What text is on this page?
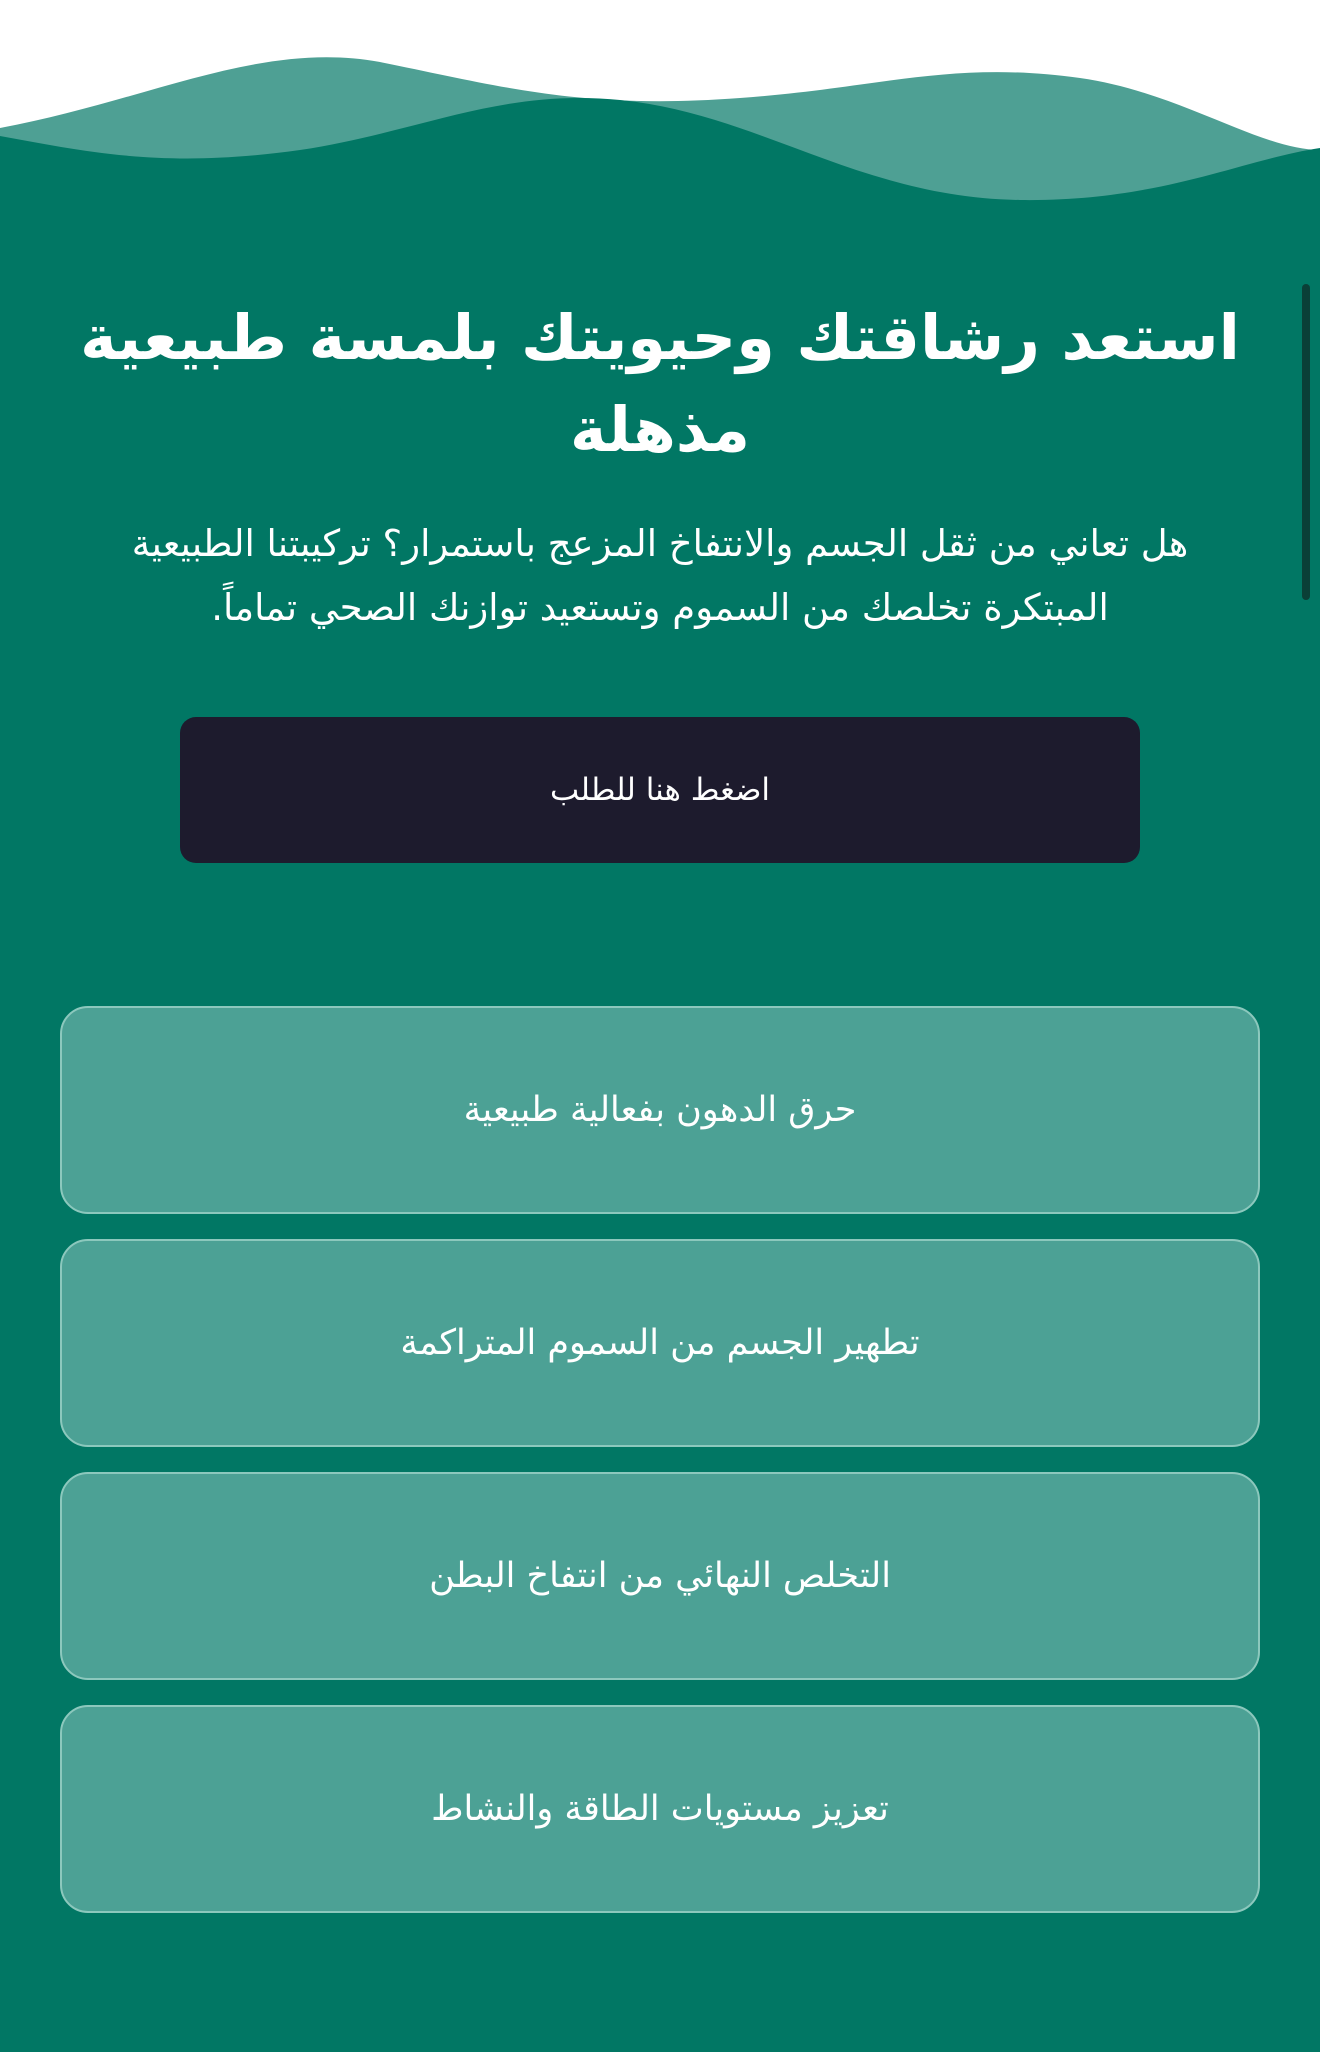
استعد رشاقتك وحيويتك بلمسة طبيعية مذهلة

هل تعاني من ثقل الجسم والانتفاخ المزعج باستمرار؟ تركيبتنا الطبيعية المبتكرة تخلصك من السموم وتستعيد توازنك الصحي تماماً.

اضغط هنا للطلب
حرق الدهون بفعالية طبيعية
تطهير الجسم من السموم المتراكمة
التخلص النهائي من انتفاخ البطن
تعزيز مستويات الطاقة والنشاط
